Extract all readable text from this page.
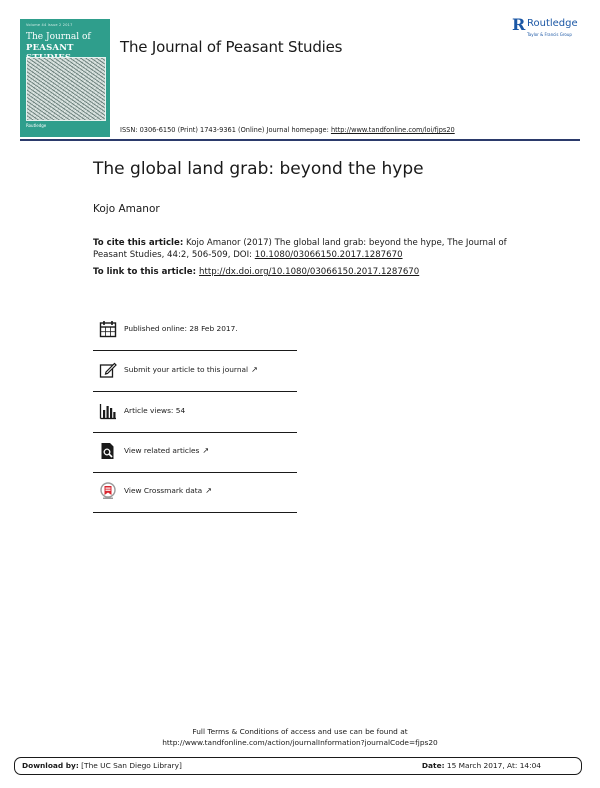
Volume 44 Issue 2 2017
The Journal of
PEASANT
Routledge
The Journal of Peasant Studies
R Routledge
Taylor & Francis Group
ISSN: 0306-6150 (Print) 1743-9361 (Online) Journal homepage: http://www.tandfonline.com/loi/fjps20
The global land grab: beyond the hype
Kojo Amanor
To cite this article: Kojo Amanor (2017) The global land grab: beyond the hype, The Journal of
Peasant Studies, 44:2, 506-509, DOI: 10.1080/03066150.2017.1287670
To link to this article: http://dx.doi.org/10.1080/03066150.2017.1287670
Published online: 28 Feb 2017.
Submit your article to this journal ↗
Article views: 54
View related articles ↗
View Crossmark data ↗
Full Terms & Conditions of access and use can be found at
http://www.tandfonline.com/action/journalInformation?journalCode=fjps20
Download by: [The UC San Diego Library]	Date: 15 March 2017, At: 14:04
